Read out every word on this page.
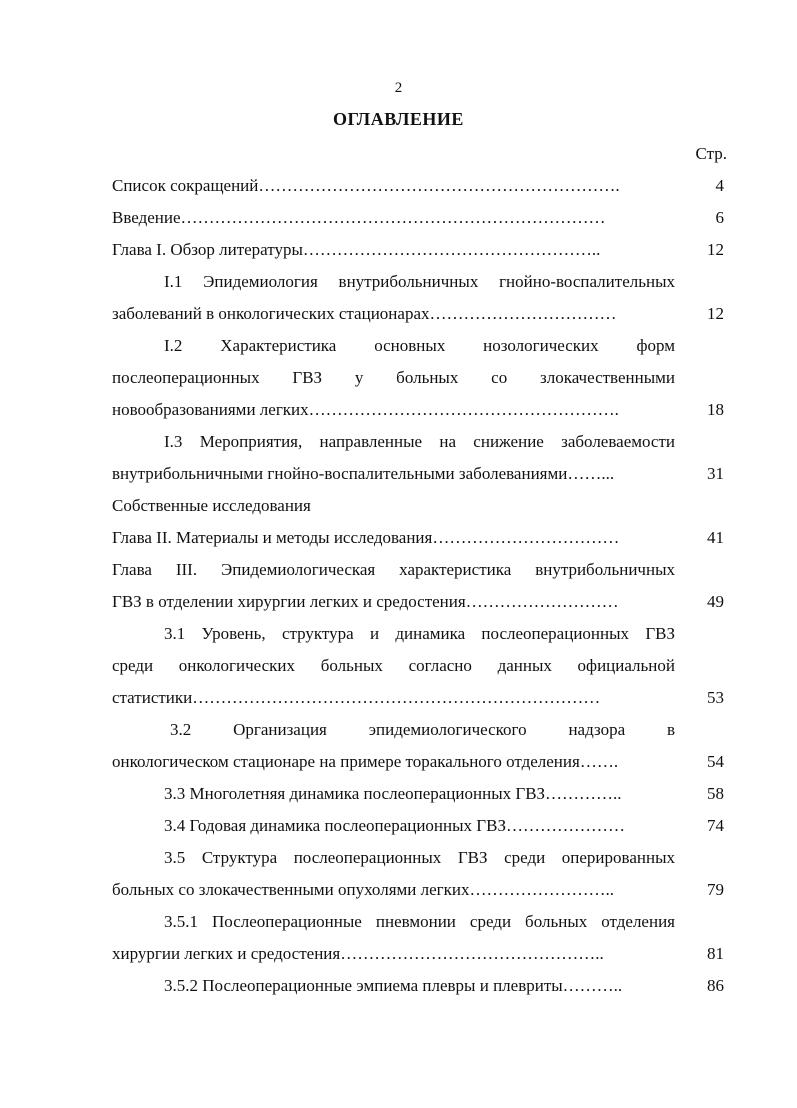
2
ОГЛАВЛЕНИЕ
Стр.
Список сокращений……………………………………………………….	4
Введение…………………………………………………………………	6
Глава I. Обзор литературы……………………………………………..	12
I.1 Эпидемиология внутрибольничных гнойно-воспалительных
заболеваний в онкологических стационарах……………………………	12
I.2 Характеристика основных нозологических форм
послеоперационных ГВЗ у больных со злокачественными
новообразованиями легких……………………………………………….	18
I.3 Мероприятия, направленные на снижение заболеваемости
внутрибольничными гнойно-воспалительными заболеваниями……...	31
Собственные исследования
Глава II. Материалы и методы исследования……………………………	41
Глава III. Эпидемиологическая характеристика внутрибольничных
ГВЗ в отделении хирургии легких и средостения………………………	49
3.1 Уровень, структура и динамика послеоперационных ГВЗ
среди онкологических больных согласно данных официальной
статистики………………………………………………………………	53
3.2 Организация эпидемиологического надзора в
онкологическом стационаре на примере торакального отделения…….	54
3.3 Многолетняя динамика послеоперационных ГВЗ…………..	58
3.4 Годовая динамика послеоперационных ГВЗ…………………	74
3.5 Структура послеоперационных ГВЗ среди оперированных
больных со злокачественными опухолями легких……………………..	79
3.5.1 Послеоперационные пневмонии среди больных отделения
хирургии легких и средостения………………………………………..	81
3.5.2 Послеоперационные эмпиема плевры и плевриты………..	86
